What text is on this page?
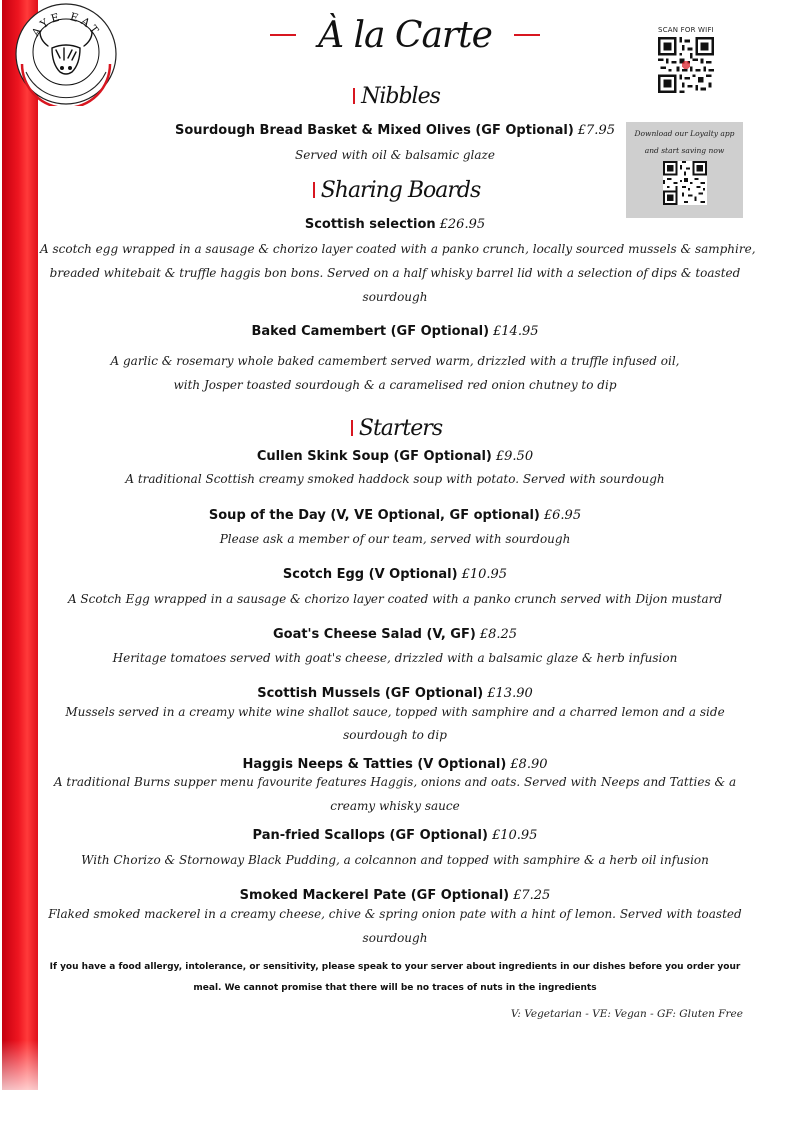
AYE EAT	À la Carte	SCAN FOR WIFI
Download our Loyalty app
and start saving now
Nibbles
Sourdough Bread Basket & Mixed Olives (GF Optional) £7.95
Served with oil & balsamic glaze
Sharing Boards
Scottish selection £26.95
A scotch egg wrapped in a sausage & chorizo layer coated with a panko crunch, locally sourced mussels & samphire,
breaded whitebait & truffle haggis bon bons. Served on a half whisky barrel lid with a selection of dips & toasted
sourdough
Baked Camembert (GF Optional) £14.95
A garlic & rosemary whole baked camembert served warm, drizzled with a truffle infused oil,
with Josper toasted sourdough & a caramelised red onion chutney to dip
Starters
Cullen Skink Soup (GF Optional) £9.50
A traditional Scottish creamy smoked haddock soup with potato. Served with sourdough
Soup of the Day (V, VE Optional, GF optional) £6.95
Please ask a member of our team, served with sourdough
Scotch Egg (V Optional) £10.95
A Scotch Egg wrapped in a sausage & chorizo layer coated with a panko crunch served with Dijon mustard
Goat's Cheese Salad (V, GF) £8.25
Heritage tomatoes served with goat's cheese, drizzled with a balsamic glaze & herb infusion
Scottish Mussels (GF Optional) £13.90
Mussels served in a creamy white wine shallot sauce, topped with samphire and a charred lemon and a side
sourdough to dip
Haggis Neeps & Tatties (V Optional) £8.90
A traditional Burns supper menu favourite features Haggis, onions and oats. Served with Neeps and Tatties & a
creamy whisky sauce
Pan-fried Scallops (GF Optional) £10.95
With Chorizo & Stornoway Black Pudding, a colcannon and topped with samphire & a herb oil infusion
Smoked Mackerel Pate (GF Optional) £7.25
Flaked smoked mackerel in a creamy cheese, chive & spring onion pate with a hint of lemon. Served with toasted
sourdough
If you have a food allergy, intolerance, or sensitivity, please speak to your server about ingredients in our dishes before you order your
meal. We cannot promise that there will be no traces of nuts in the ingredients
V: Vegetarian - VE: Vegan - GF: Gluten Free
